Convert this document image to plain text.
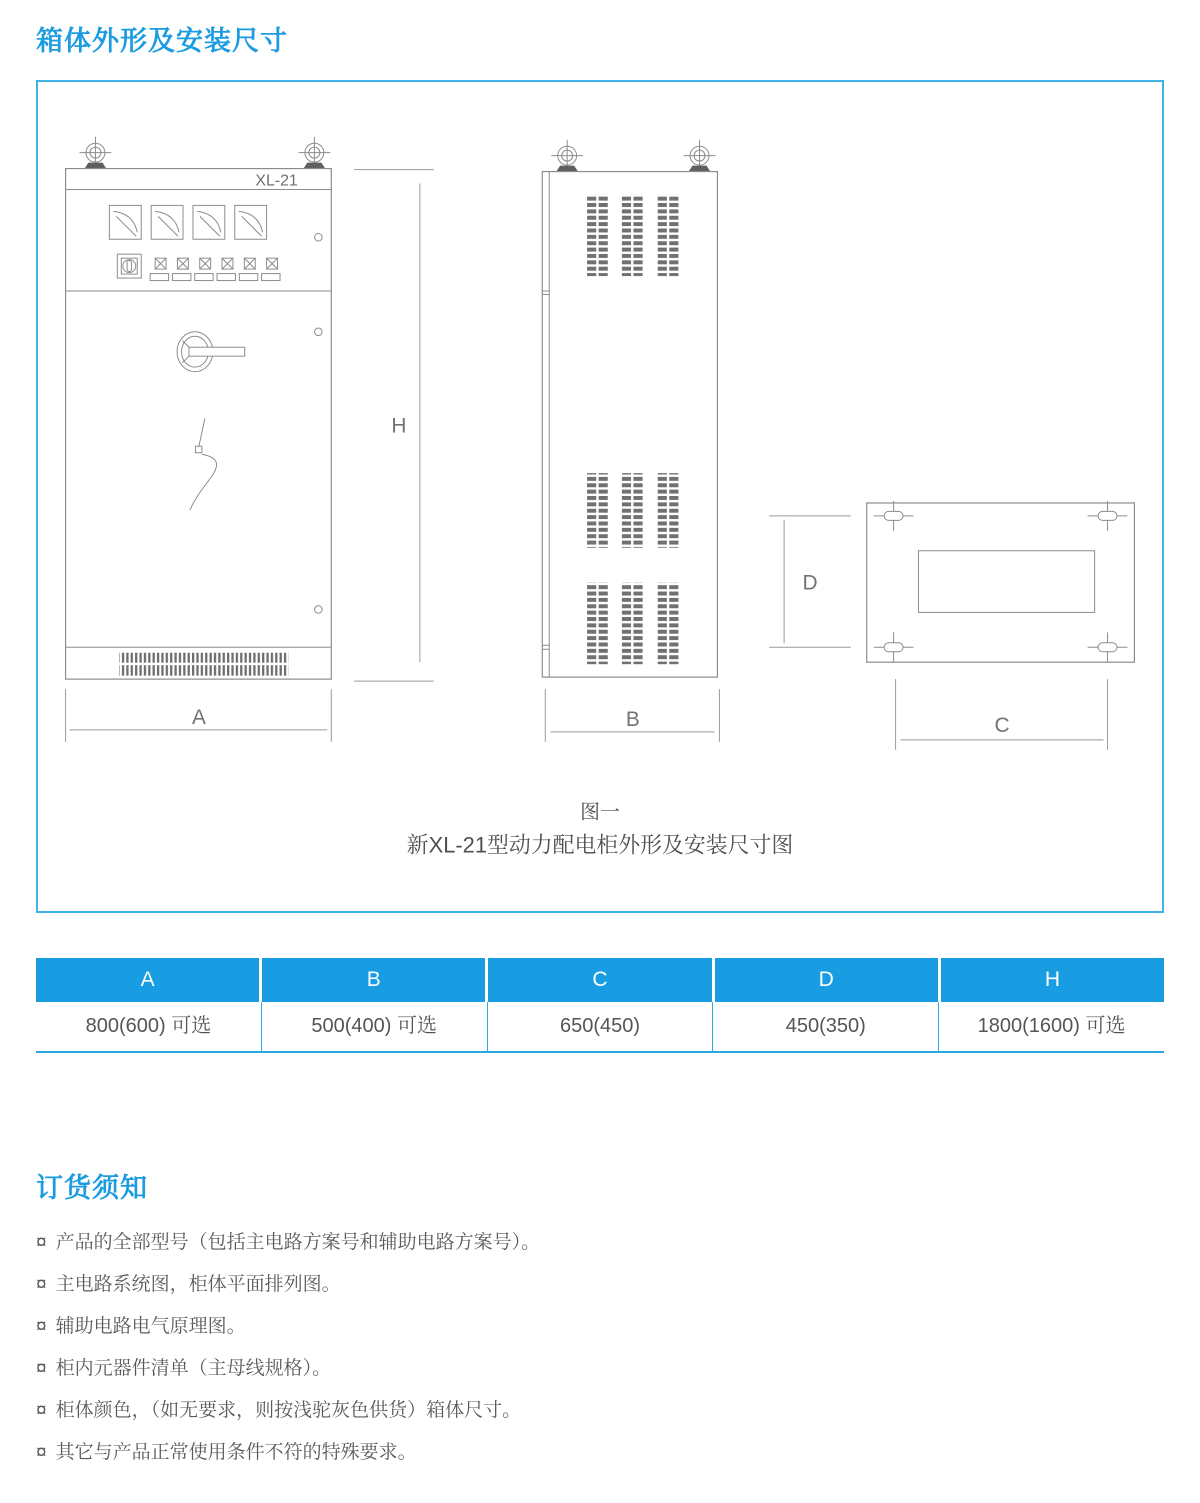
箱体外形及安装尺寸
XL-21
A
H
B
D
C
图一
新XL-21型动力配电柜外形及安装尺寸图
A	B	C	D	H
800(600) 可选	500(400) 可选	650(450)	450(350)	1800(1600) 可选
订货须知
¤ 产品的全部型号（包括主电路方案号和辅助电路方案号）。
¤ 主电路系统图，柜体平面排列图。
¤ 辅助电路电气原理图。
¤ 柜内元器件清单（主母线规格）。
¤ 柜体颜色，（如无要求，则按浅驼灰色供货）箱体尺寸。
¤ 其它与产品正常使用条件不符的特殊要求。
